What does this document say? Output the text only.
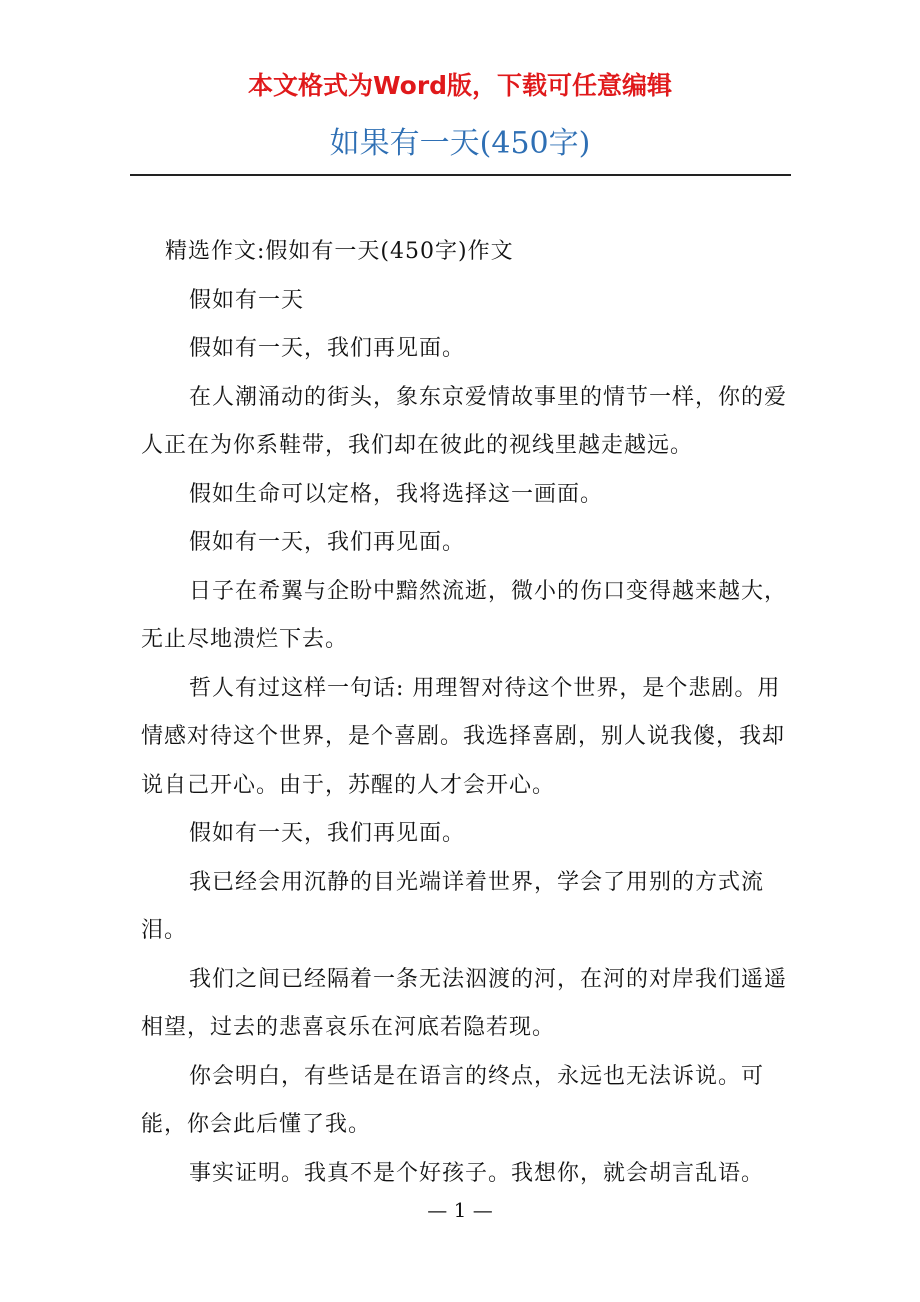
本文格式为Word版，下载可任意编辑
如果有一天(450字)

精选作文:假如有一天(450字)作文

假如有一天

假如有一天，我们再见面。

在人潮涌动的街头，象东京爱情故事里的情节一样，你的爱人正在为你系鞋带，我们却在彼此的视线里越走越远。

假如生命可以定格，我将选择这一画面。

假如有一天，我们再见面。

日子在希翼与企盼中黯然流逝，微小的伤口变得越来越大，无止尽地溃烂下去。

哲人有过这样一句话: 用理智对待这个世界，是个悲剧。用情感对待这个世界，是个喜剧。我选择喜剧，别人说我傻，我却说自己开心。由于，苏醒的人才会开心。

假如有一天，我们再见面。

我已经会用沉静的目光端详着世界，学会了用别的方式流泪。

我们之间已经隔着一条无法泅渡的河，在河的对岸我们遥遥相望，过去的悲喜哀乐在河底若隐若现。

你会明白，有些话是在语言的终点，永远也无法诉说。可能，你会此后懂了我。

事实证明。我真不是个好孩子。我想你，就会胡言乱语。

— 1 —
